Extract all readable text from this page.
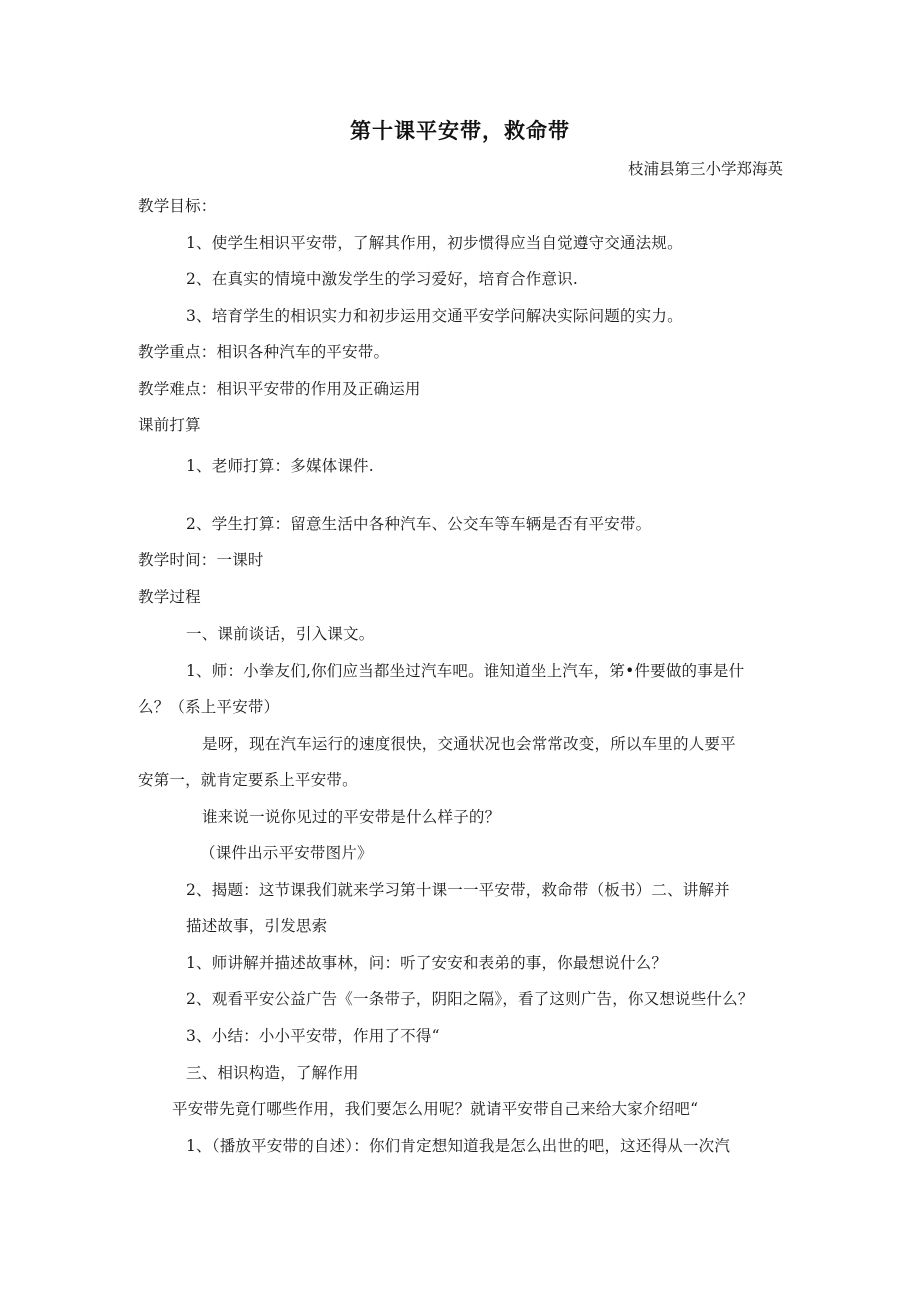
第十课平安带，救命带
枝浦县第三小学郑海英
教学目标：
1、使学生相识平安带，了解其作用，初步惯得应当自觉遵守交通法规。
2、在真实的情境中激发学生的学习爱好，培育合作意识.
3、培育学生的相识实力和初步运用交通平安学问解决实际问题的实力。
教学重点：相识各种汽车的平安带。
教学难点：相识平安带的作用及正确运用
课前打算
1、老师打算：多媒体课件.
2、学生打算：留意生活中各种汽车、公交车等车辆是否有平安带。
教学时间：一课时
教学过程
一、课前谈话，引入课文。
1、师：小拳友们,你们应当都坐过汽车吧。谁知道坐上汽车，笫•件要做的事是什
么？（系上平安带）
是呀，现在汽车运行的速度很快，交通状况也会常常改变，所以车里的人要平
安第一，就肯定要系上平安带。
谁来说一说你见过的平安带是什么样子的？
（课件出示平安带图片》
2、揭题：这节课我们就来学习第十课一一平安带，救命带（板书）二、讲解并
描述故事，引发思索
1、师讲解并描述故事林，问：听了安安和表弟的事，你最想说什么？
2、观看平安公益广告《一条带子，阴阳之隔》，看了这则广告，你又想说些什么？
3、小结：小小平安带，作用了不得“
三、相识构造，了解作用
平安带先竟仃哪些作用，我们要怎么用呢？就请平安带自己来给大家介绍吧“
1、（播放平安带的自述）：你们肯定想知道我是怎么出世的吧，这还得从一次汽
